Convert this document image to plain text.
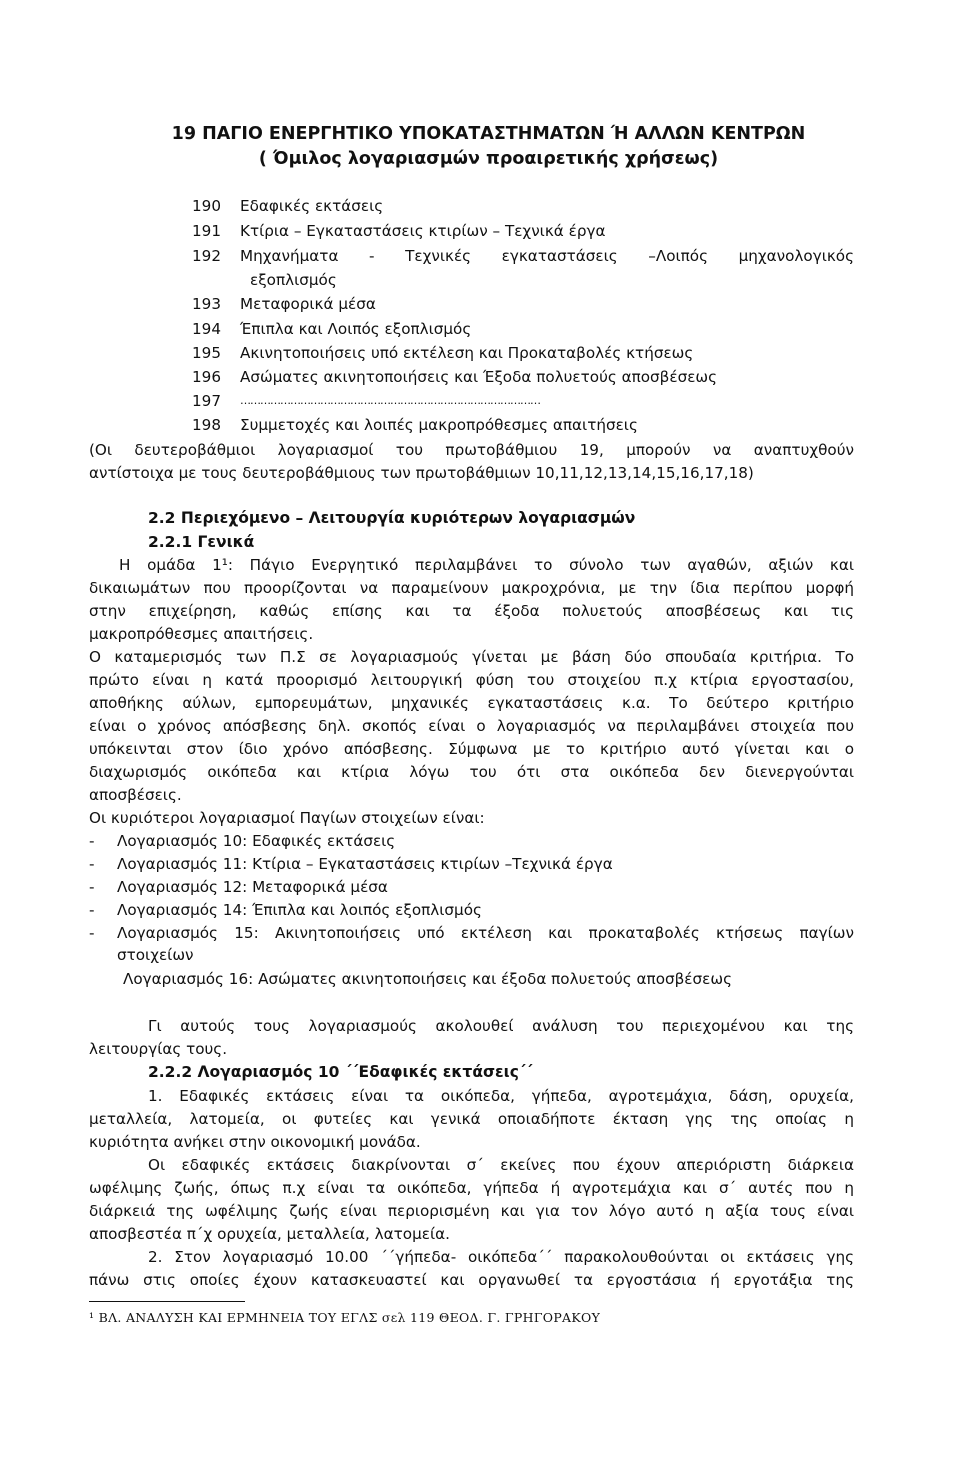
19 ΠΑΓΙΟ ΕΝΕΡΓΗΤΙΚΟ ΥΠΟΚΑΤΑΣΤΗΜΑΤΩΝ Ή ΑΛΛΩΝ ΚΕΝΤΡΩΝ
( Όμιλος λογαριασμών προαιρετικής χρήσεως)
190	Εδαφικές εκτάσεις
191	Κτίρια – Εγκαταστάσεις κτιρίων – Τεχνικά έργα
192	Μηχανήματα - Τεχνικές εγκαταστάσεις –Λοιπός μηχανολογικός
εξοπλισμός
193	Μεταφορικά μέσα
194	Έπιπλα και Λοιπός εξοπλισμός
195	Ακινητοποιήσεις υπό εκτέλεση και Προκαταβολές κτήσεως
196	Ασώματες ακινητοποιήσεις και Έξοδα πολυετούς αποσβέσεως
197	………………………………………………………………………………
198	Συμμετοχές και λοιπές μακροπρόθεσμες απαιτήσεις
(Οι δευτεροβάθμιοι λογαριασμοί του πρωτοβάθμιου 19, μπορούν να αναπτυχθούν
αντίστοιχα με τους δευτεροβάθμιους των πρωτοβάθμιων 10,11,12,13,14,15,16,17,18)
2.2 Περιεχόμενο – Λειτουργία κυριότερων λογαριασμών
2.2.1 Γενικά
Η ομάδα 1¹: Πάγιο Ενεργητικό περιλαμβάνει το σύνολο των αγαθών, αξιών και
δικαιωμάτων που προορίζονται να παραμείνουν μακροχρόνια, με την ίδια περίπου μορφή
στην επιχείρηση, καθώς επίσης και τα έξοδα πολυετούς αποσβέσεως και τις
μακροπρόθεσμες απαιτήσεις.
Ο καταμερισμός των Π.Σ σε λογαριασμούς γίνεται με βάση δύο σπουδαία κριτήρια. Το
πρώτο είναι η κατά προορισμό λειτουργική φύση του στοιχείου π.χ κτίρια εργοστασίου,
αποθήκης αύλων, εμπορευμάτων, μηχανικές εγκαταστάσεις κ.α. Το δεύτερο κριτήριο
είναι ο χρόνος απόσβεσης δηλ. σκοπός είναι ο λογαριασμός να περιλαμβάνει στοιχεία που
υπόκεινται στον ίδιο χρόνο απόσβεσης. Σύμφωνα με το κριτήριο αυτό γίνεται και ο
διαχωρισμός οικόπεδα και κτίρια λόγω του ότι στα οικόπεδα δεν διενεργούνται
αποσβέσεις.
Οι κυριότεροι λογαριασμοί Παγίων στοιχείων είναι:
- Λογαριασμός 10: Εδαφικές εκτάσεις
- Λογαριασμός 11: Κτίρια – Εγκαταστάσεις κτιρίων –Τεχνικά έργα
- Λογαριασμός 12: Μεταφορικά μέσα
- Λογαριασμός 14: Έπιπλα και λοιπός εξοπλισμός
- Λογαριασμός 15: Ακινητοποιήσεις υπό εκτέλεση και προκαταβολές κτήσεως παγίων
στοιχείων
Λογαριασμός 16: Ασώματες ακινητοποιήσεις και έξοδα πολυετούς αποσβέσεως
Γι αυτούς τους λογαριασμούς ακολουθεί ανάλυση του περιεχομένου και της
λειτουργίας τους.
2.2.2 Λογαριασμός 10 ΄΄Εδαφικές εκτάσεις΄΄
1. Εδαφικές εκτάσεις είναι τα οικόπεδα, γήπεδα, αγροτεμάχια, δάση, ορυχεία,
μεταλλεία, λατομεία, οι φυτείες και γενικά οποιαδήποτε έκταση γης της οποίας η
κυριότητα ανήκει στην οικονομική μονάδα.
Οι εδαφικές εκτάσεις διακρίνονται σ΄ εκείνες που έχουν απεριόριστη διάρκεια
ωφέλιμης ζωής, όπως π.χ είναι τα οικόπεδα, γήπεδα ή αγροτεμάχια και σ΄ αυτές που η
διάρκειά της ωφέλιμης ζωής είναι περιορισμένη και για τον λόγο αυτό η αξία τους είναι
αποσβεστέα π΄χ ορυχεία, μεταλλεία, λατομεία.
2. Στον λογαριασμό 10.00 ΄΄γήπεδα- οικόπεδα΄΄ παρακολουθούνται οι εκτάσεις γης
πάνω στις οποίες έχουν κατασκευαστεί και οργανωθεί τα εργοστάσια ή εργοτάξια της
¹ ΒΛ. ΑΝΑΛΥΣΗ ΚΑΙ ΕΡΜΗΝΕΙΑ ΤΟΥ ΕΓΛΣ σελ 119 ΘΕΟΔ. Γ. ΓΡΗΓΟΡΑΚΟΥ
